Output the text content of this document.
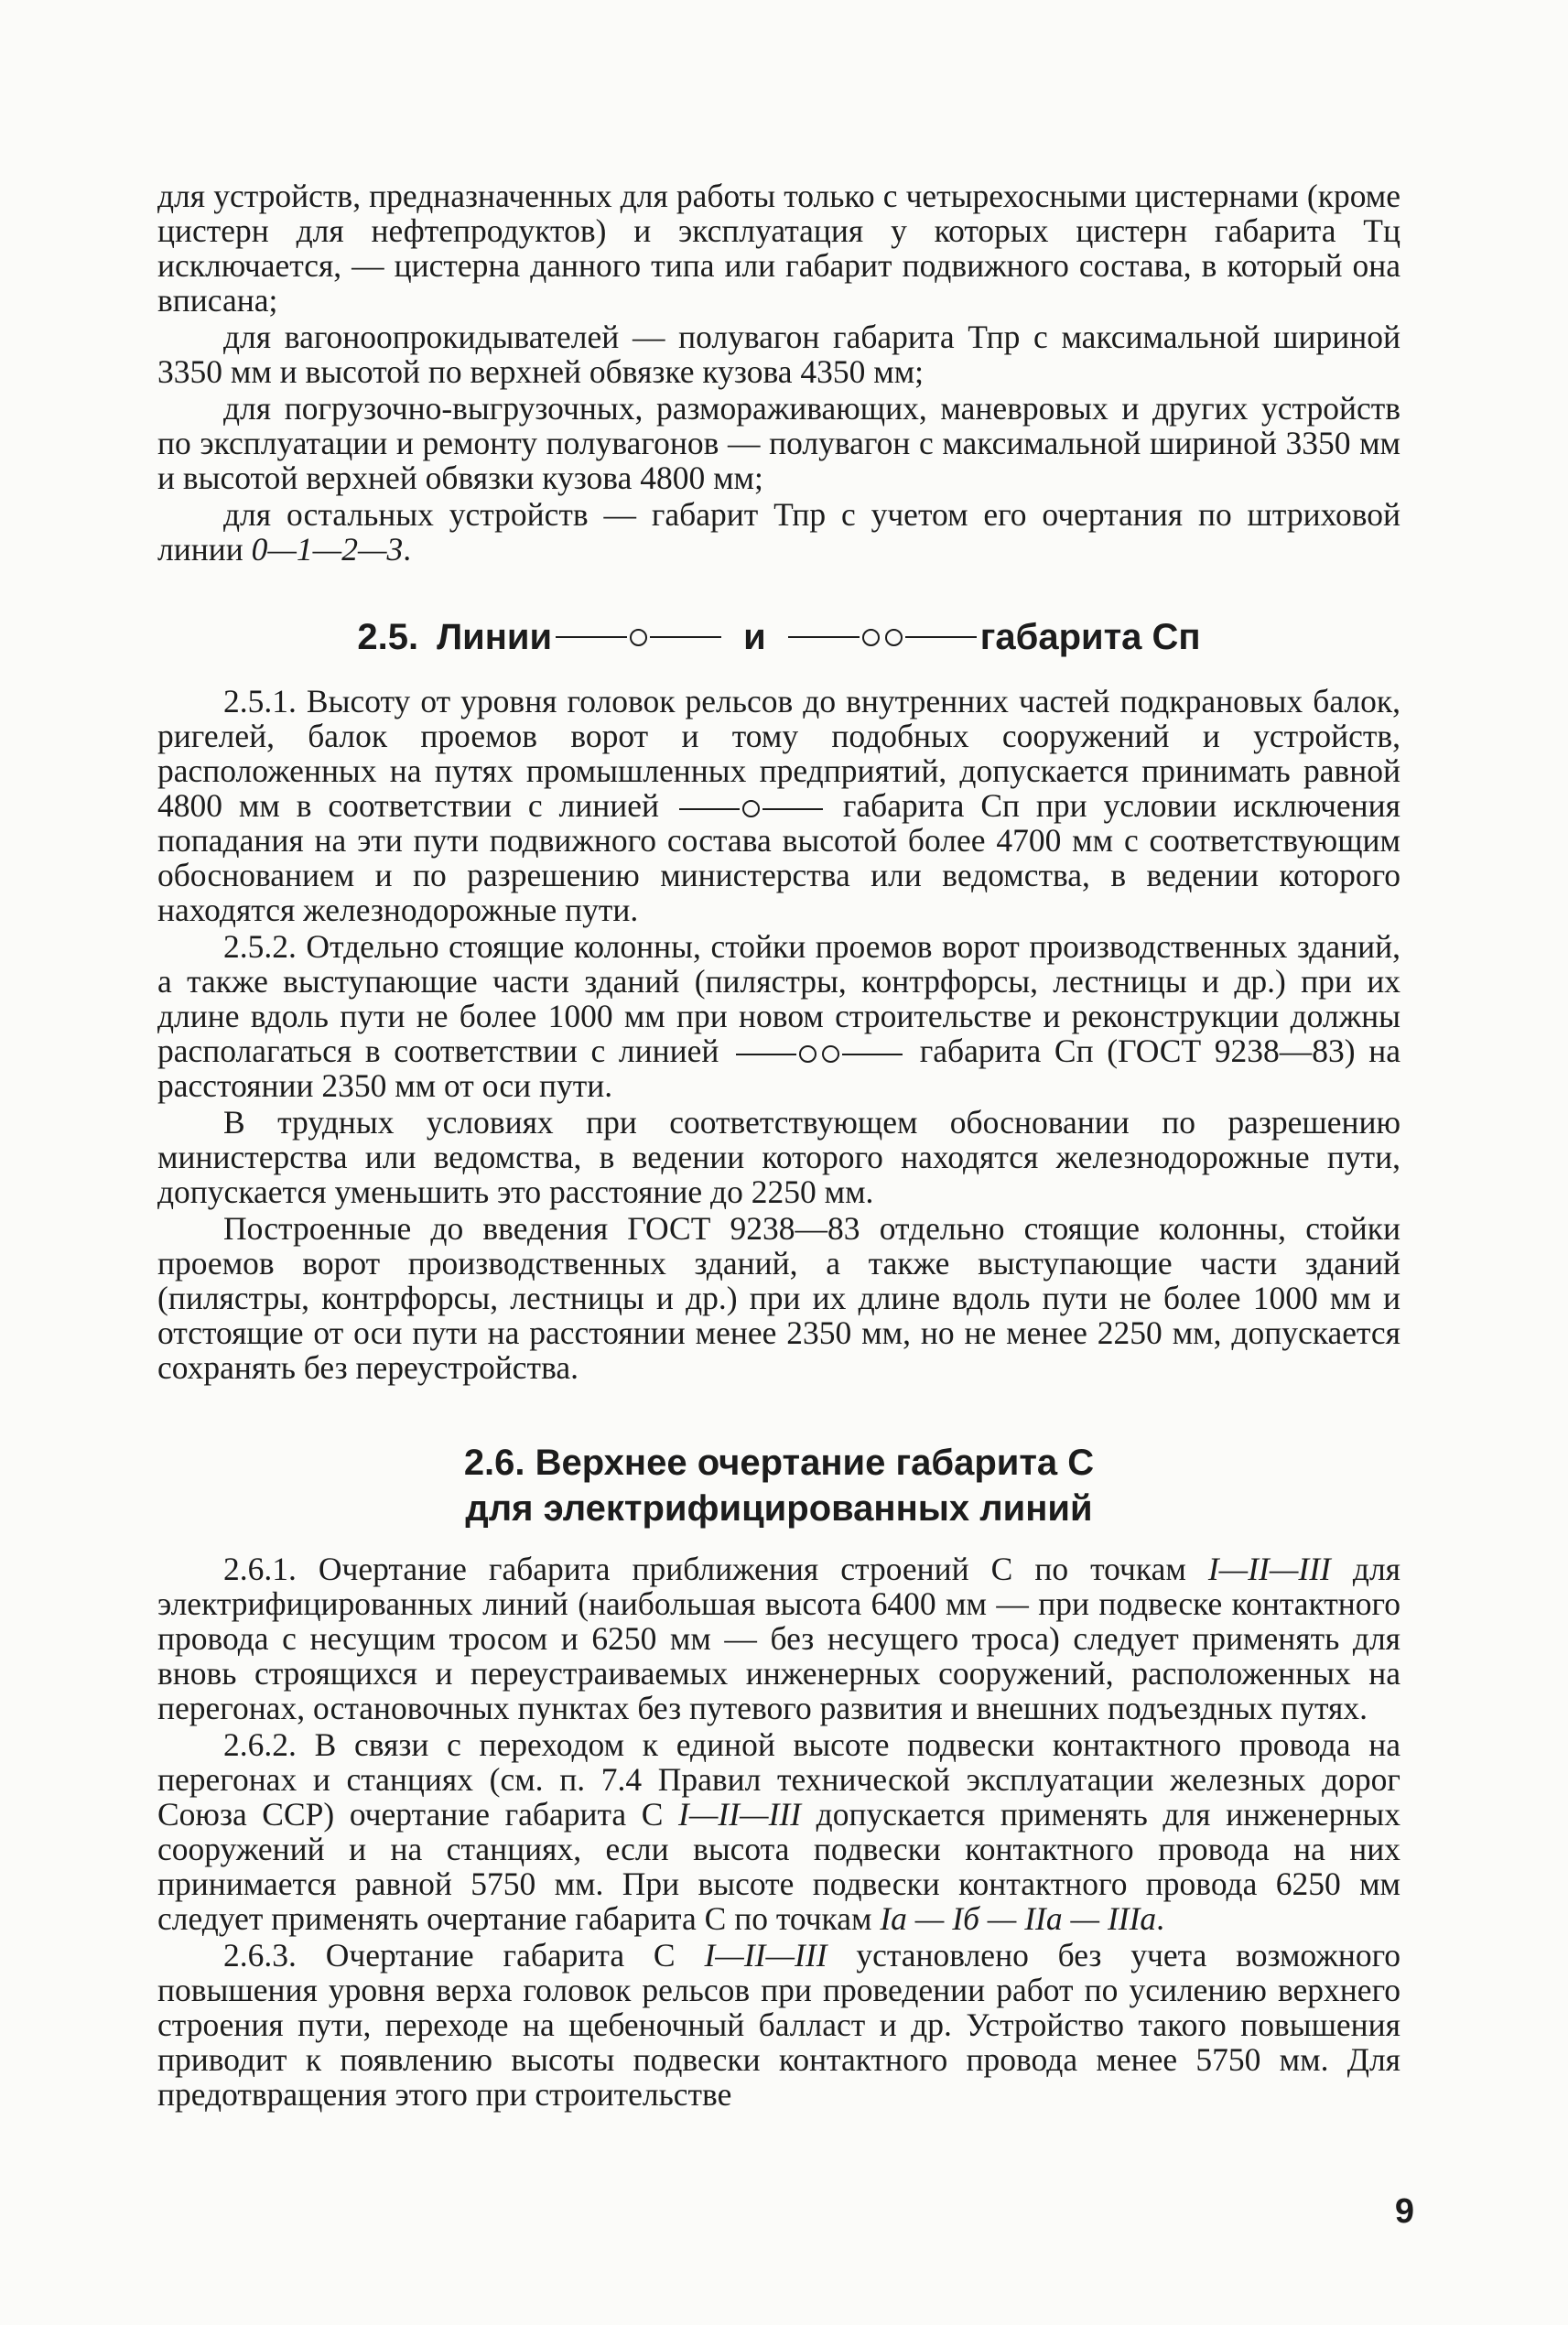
для устройств, предназначенных для работы только с четырехосными цистернами (кроме цистерн для нефтепродуктов) и эксплуатация у которых цистерн габарита Тц исключается, — цистерна данного типа или габарит подвижного состава, в который она вписана;

для вагоноопрокидывателей — полувагон габарита Тпр с максимальной шириной 3350 мм и высотой по верхней обвязке кузова 4350 мм;

для погрузочно-выгрузочных, размораживающих, маневровых и других устройств по эксплуатации и ремонту полувагонов — полувагон с максимальной шириной 3350 мм и высотой верхней обвязки кузова 4800 мм;

для остальных устройств — габарит Тпр с учетом его очертания по штриховой линии 0—1—2—3.

2.5. Линии	и	габарита Сп

2.5.1. Высоту от уровня головок рельсов до внутренних частей подкрановых балок, ригелей, балок проемов ворот и тому подобных сооружений и устройств, расположенных на путях промышленных предприятий, допускается принимать равной 4800 мм в соответствии с линией	габарита Сп при условии исключения попадания на эти пути подвижного состава высотой более 4700 мм с соответствующим обоснованием и по разрешению министерства или ведомства, в ведении которого находятся железнодорожные пути.

2.5.2. Отдельно стоящие колонны, стойки проемов ворот производственных зданий, а также выступающие части зданий (пилястры, контрфорсы, лестницы и др.) при их длине вдоль пути не более 1000 мм при новом строительстве и реконструкции должны располагаться в соответствии с линией	габарита Сп (ГОСТ 9238—83) на расстоянии 2350 мм от оси пути.

В трудных условиях при соответствующем обосновании по разрешению министерства или ведомства, в ведении которого находятся железнодорожные пути, допускается уменьшить это расстояние до 2250 мм.

Построенные до введения ГОСТ 9238—83 отдельно стоящие колонны, стойки проемов ворот производственных зданий, а также выступающие части зданий (пилястры, контрфорсы, лестницы и др.) при их длине вдоль пути не более 1000 мм и отстоящие от оси пути на расстоянии менее 2350 мм, но не менее 2250 мм, допускается сохранять без переустройства.

2.6. Верхнее очертание габарита С
для электрифицированных линий

2.6.1. Очертание габарита приближения строений С по точкам I—II—III для электрифицированных линий (наибольшая высота 6400 мм — при подвеске контактного провода с несущим тросом и 6250 мм — без несущего троса) следует применять для вновь строящихся и переустраиваемых инженерных сооружений, расположенных на перегонах, остановочных пунктах без путевого развития и внешних подъездных путях.

2.6.2. В связи с переходом к единой высоте подвески контактного провода на перегонах и станциях (см. п. 7.4 Правил технической эксплуатации железных дорог Союза ССР) очертание габарита С I—II—III допускается применять для инженерных сооружений и на станциях, если высота подвески контактного провода на них принимается равной 5750 мм. При высоте подвески контактного провода 6250 мм следует применять очертание габарита С по точкам Iа — Iб — IIа — IIIа.

2.6.3. Очертание габарита С I—II—III установлено без учета возможного повышения уровня верха головок рельсов при проведении работ по усилению верхнего строения пути, переходе на щебеночный балласт и др. Устройство такого повышения приводит к появлению высоты подвески контактного провода менее 5750 мм. Для предотвращения этого при строительстве

9
